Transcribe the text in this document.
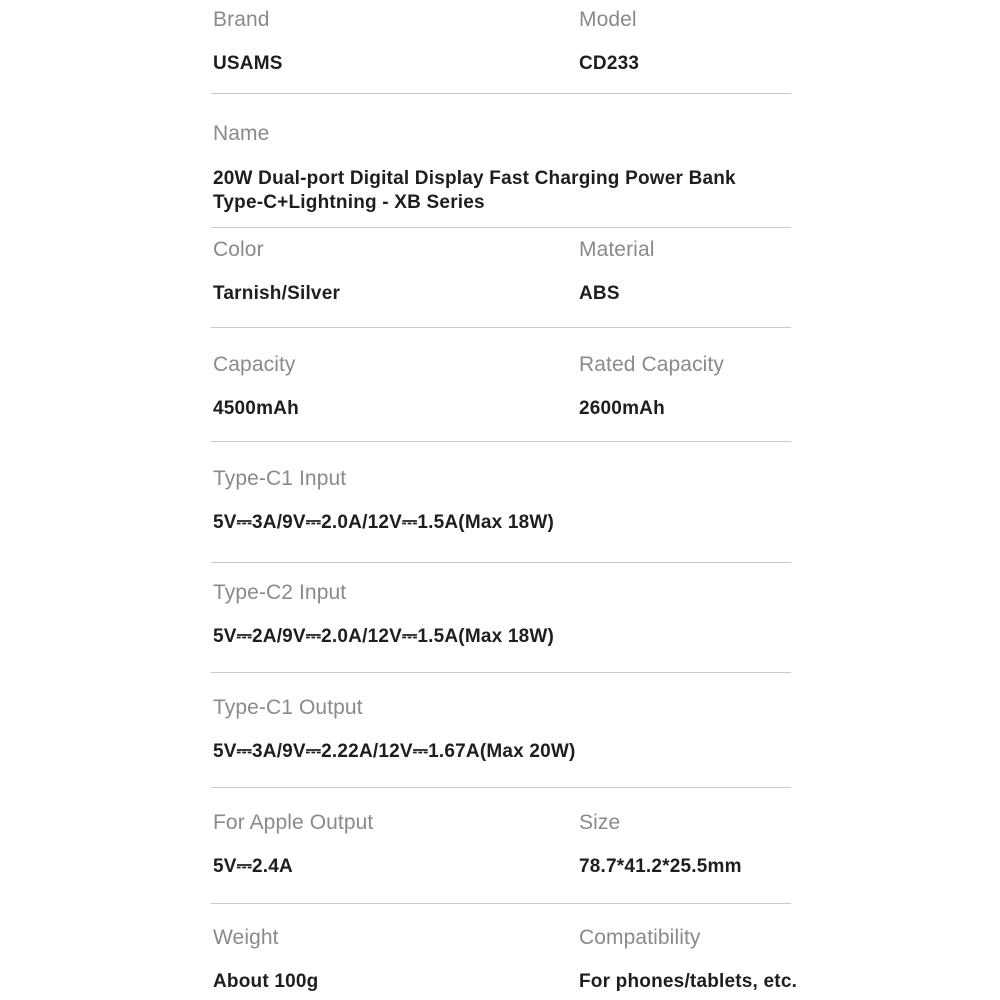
Brand
USAMS
Model
CD233
Name
20W Dual-port Digital Display Fast Charging Power Bank Type-C+Lightning - XB Series
Color
Tarnish/Silver
Material
ABS
Capacity
4500mAh
Rated Capacity
2600mAh
Type-C1 Input
5V⎓3A/9V⎓2.0A/12V⎓1.5A(Max 18W)
Type-C2 Input
5V⎓2A/9V⎓2.0A/12V⎓1.5A(Max 18W)
Type-C1 Output
5V⎓3A/9V⎓2.22A/12V⎓1.67A(Max 20W)
For Apple Output
5V⎓2.4A
Size
78.7*41.2*25.5mm
Weight
About 100g
Compatibility
For phones/tablets, etc.
